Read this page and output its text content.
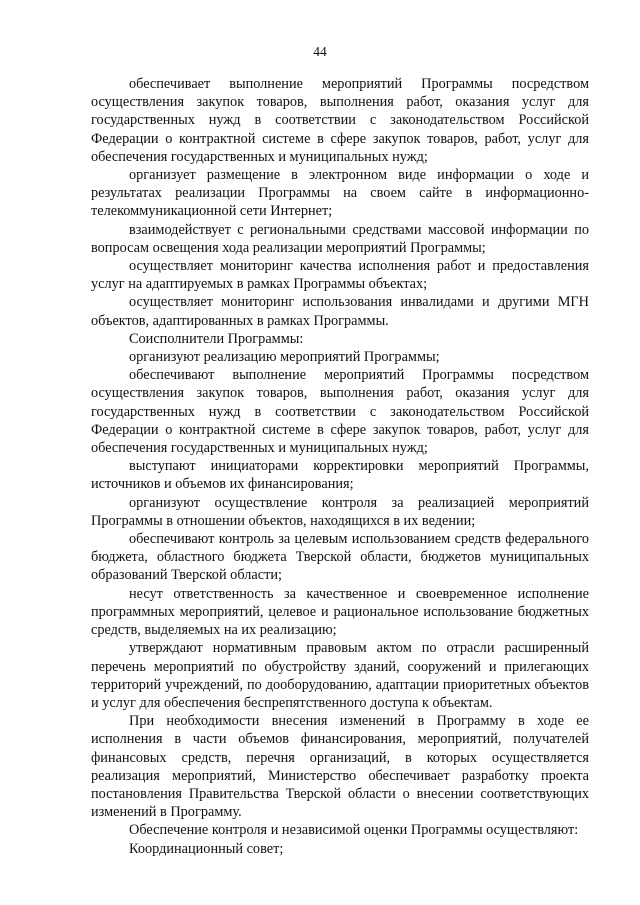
44

обеспечивает выполнение мероприятий Программы посредством осуществления закупок товаров, выполнения работ, оказания услуг для государственных нужд в соответствии с законодательством Российской Федерации о контрактной системе в сфере закупок товаров, работ, услуг для обеспечения государственных и муниципальных нужд;

организует размещение в электронном виде информации о ходе и результатах реализации Программы на своем сайте в информационно-телекоммуникационной сети Интернет;

взаимодействует с региональными средствами массовой информации по вопросам освещения хода реализации мероприятий Программы;

осуществляет мониторинг качества исполнения работ и предоставления услуг на адаптируемых в рамках Программы объектах;

осуществляет мониторинг использования инвалидами и другими МГН объектов, адаптированных в рамках Программы.

Соисполнители Программы:

организуют реализацию мероприятий Программы;

обеспечивают выполнение мероприятий Программы посредством осуществления закупок товаров, выполнения работ, оказания услуг для государственных нужд в соответствии с законодательством Российской Федерации о контрактной системе в сфере закупок товаров, работ, услуг для обеспечения государственных и муниципальных нужд;

выступают инициаторами корректировки мероприятий Программы, источников и объемов их финансирования;

организуют осуществление контроля за реализацией мероприятий Программы в отношении объектов, находящихся в их ведении;

обеспечивают контроль за целевым использованием средств федерального бюджета, областного бюджета Тверской области, бюджетов муниципальных образований Тверской области;

несут ответственность за качественное и своевременное исполнение программных мероприятий, целевое и рациональное использование бюджетных средств, выделяемых на их реализацию;

утверждают нормативным правовым актом по отрасли расширенный перечень мероприятий по обустройству зданий, сооружений и прилегающих территорий учреждений, по дооборудованию, адаптации приоритетных объектов и услуг для обеспечения беспрепятственного доступа к объектам.

При необходимости внесения изменений в Программу в ходе ее исполнения в части объемов финансирования, мероприятий, получателей финансовых средств, перечня организаций, в которых осуществляется реализация мероприятий, Министерство обеспечивает разработку проекта постановления Правительства Тверской области о внесении соответствующих изменений в Программу.

Обеспечение контроля и независимой оценки Программы осуществляют:

Координационный совет;
